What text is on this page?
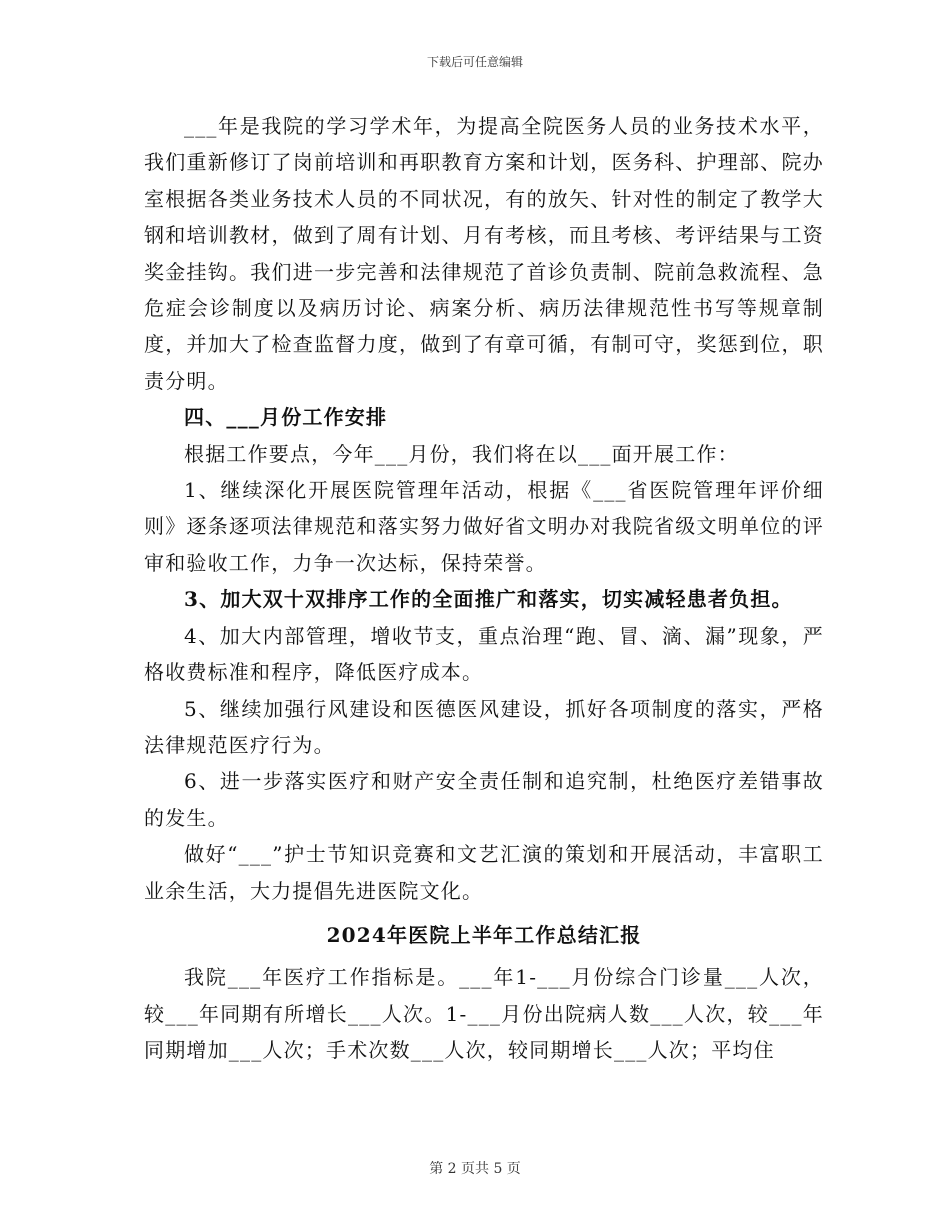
下载后可任意编辑

___年是我院的学习学术年，为提高全院医务人员的业务技术水平，我们重新修订了岗前培训和再职教育方案和计划，医务科、护理部、院办室根据各类业务技术人员的不同状况，有的放矢、针对性的制定了教学大钢和培训教材，做到了周有计划、月有考核，而且考核、考评结果与工资奖金挂钩。我们进一步完善和法律规范了首诊负责制、院前急救流程、急危症会诊制度以及病历讨论、病案分析、病历法律规范性书写等规章制度，并加大了检查监督力度，做到了有章可循，有制可守，奖惩到位，职责分明。

四、___月份工作安排

根据工作要点，今年___月份，我们将在以___面开展工作：

1、继续深化开展医院管理年活动，根据《___省医院管理年评价细则》逐条逐项法律规范和落实努力做好省文明办对我院省级文明单位的评审和验收工作，力争一次达标，保持荣誉。

3、加大双十双排序工作的全面推广和落实，切实减轻患者负担。

4、加大内部管理，增收节支，重点治理“跑、冒、滴、漏”现象，严格收费标准和程序，降低医疗成本。

5、继续加强行风建设和医德医风建设，抓好各项制度的落实，严格法律规范医疗行为。

6、进一步落实医疗和财产安全责任制和追究制，杜绝医疗差错事故的发生。

做好“___”护士节知识竞赛和文艺汇演的策划和开展活动，丰富职工业余生活，大力提倡先进医院文化。

2024年医院上半年工作总结汇报

我院___年医疗工作指标是。___年1-___月份综合门诊量___人次，较___年同期有所增长___人次。1-___月份出院病人数___人次，较___年同期增加___人次；手术次数___人次，较同期增长___人次；平均住

第 2 页共 5 页
